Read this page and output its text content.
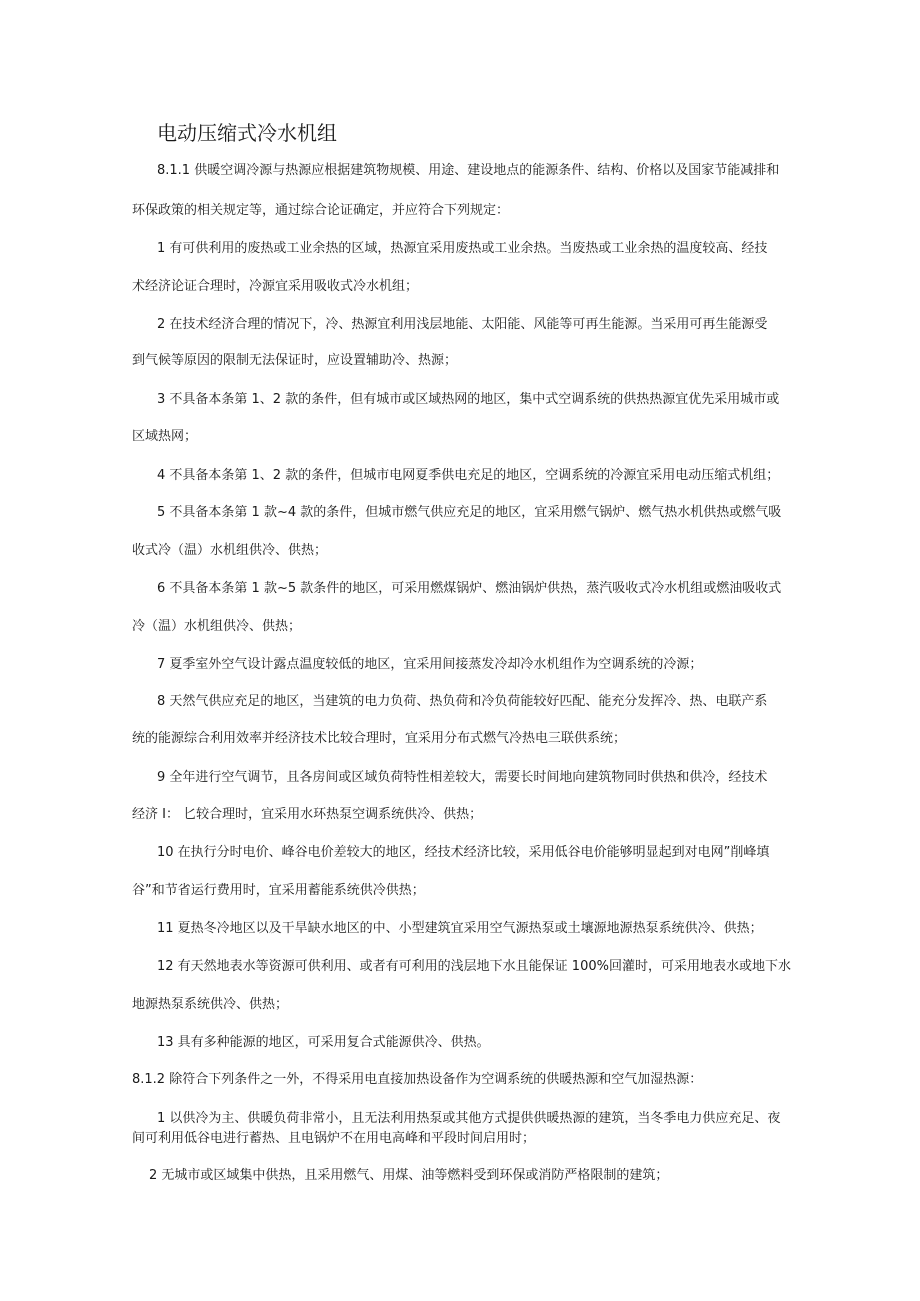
电动压缩式冷水机组
8.1.1 供暖空调冷源与热源应根据建筑物规模、用途、建设地点的能源条件、结构、价格以及国家节能减排和
环保政策的相关规定等，通过综合论证确定，并应符合下列规定：
1 有可供利用的废热或工业余热的区域，热源宜采用废热或工业余热。当废热或工业余热的温度较高、经技
术经济论证合理时，冷源宜采用吸收式冷水机组；
2 在技术经济合理的情况下，冷、热源宜利用浅层地能、太阳能、风能等可再生能源。当采用可再生能源受
到气候等原因的限制无法保证时，应设置辅助冷、热源；
3 不具备本条第 1、2 款的条件，但有城市或区域热网的地区，集中式空调系统的供热热源宜优先采用城市或
区域热网；
4 不具备本条第 1、2 款的条件，但城市电网夏季供电充足的地区，空调系统的冷源宜采用电动压缩式机组；
5 不具备本条第 1 款~4 款的条件，但城市燃气供应充足的地区，宜采用燃气锅炉、燃气热水机供热或燃气吸
收式冷（温）水机组供冷、供热；
6 不具备本条第 1 款~5 款条件的地区，可采用燃煤锅炉、燃油锅炉供热，蒸汽吸收式冷水机组或燃油吸收式
冷（温）水机组供冷、供热；
7 夏季室外空气设计露点温度较低的地区，宜采用间接蒸发冷却冷水机组作为空调系统的冷源；
8 天然气供应充足的地区，当建筑的电力负荷、热负荷和冷负荷能较好匹配、能充分发挥冷、热、电联产系
统的能源综合利用效率并经济技术比较合理时，宜采用分布式燃气冷热电三联供系统；
9 全年进行空气调节，且各房间或区域负荷特性相差较大，需要长时间地向建筑物同时供热和供冷，经技术
经济 I： 匕较合理时，宜采用水环热泵空调系统供冷、供热；
10 在执行分时电价、峰谷电价差较大的地区，经技术经济比较，采用低谷电价能够明显起到对电网”削峰填
谷”和节省运行费用时，宜采用蓄能系统供冷供热；
11 夏热冬冷地区以及干旱缺水地区的中、小型建筑宜采用空气源热泵或土壤源地源热泵系统供冷、供热；
12 有天然地表水等资源可供利用、或者有可利用的浅层地下水且能保证 100%回灌时，可采用地表水或地下水
地源热泵系统供冷、供热；
13 具有多种能源的地区，可采用复合式能源供冷、供热。
8.1.2 除符合下列条件之一外，不得采用电直接加热设备作为空调系统的供暖热源和空气加湿热源：
1 以供冷为主、供暖负荷非常小，且无法利用热泵或其他方式提供供暖热源的建筑，当冬季电力供应充足、夜
间可利用低谷电进行蓄热、且电锅炉不在用电高峰和平段时间启用时；
2 无城市或区域集中供热，且采用燃气、用煤、油等燃料受到环保或消防严格限制的建筑；
